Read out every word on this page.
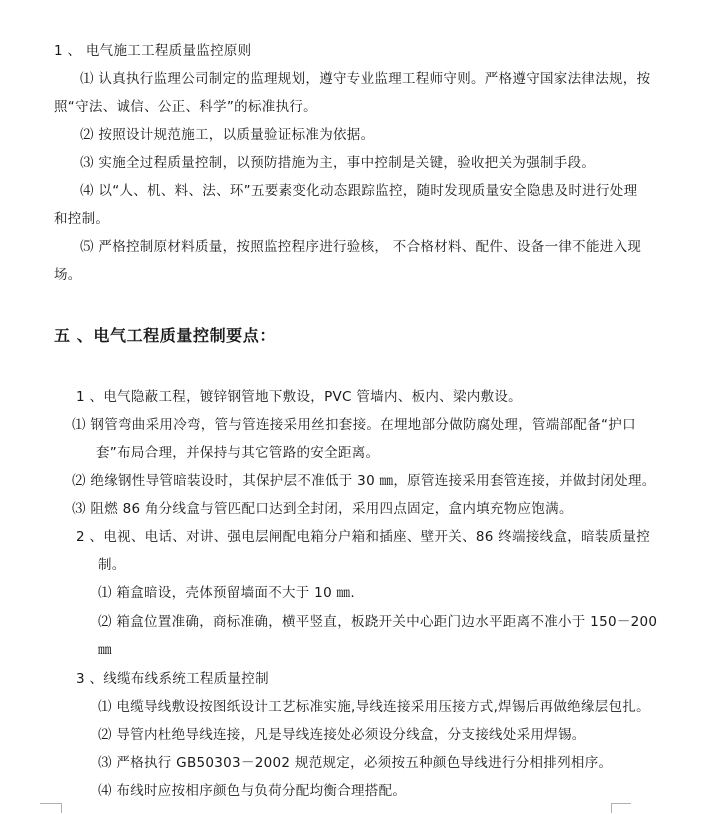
1 、 电气施工工程质量监控原则
⑴ 认真执行监理公司制定的监理规划，遵守专业监理工程师守则。严格遵守国家法律法规，按
照“守法、诚信、公正、科学”的标准执行。
⑵ 按照设计规范施工，以质量验证标准为依据。
⑶ 实施全过程质量控制，以预防措施为主，事中控制是关键，验收把关为强制手段。
⑷ 以“人、机、料、法、环”五要素变化动态跟踪监控，随时发现质量安全隐患及时进行处理
和控制。
⑸ 严格控制原材料质量，按照监控程序进行验核， 不合格材料、配件、设备一律不能进入现
场。
五 、电气工程质量控制要点：
1 、电气隐蔽工程，镀锌钢管地下敷设，PVC 管墙内、板内、梁内敷设。
⑴ 钢管弯曲采用冷弯，管与管连接采用丝扣套接。在埋地部分做防腐处理，管端部配备“护口
套”布局合理，并保持与其它管路的安全距离。
⑵ 绝缘钢性导管暗装设时，其保护层不准低于 30 ㎜，原管连接采用套管连接，并做封闭处理。
⑶ 阻燃 86 角分线盒与管匹配口达到全封闭，采用四点固定，盒内填充物应饱满。
2 、电视、电话、对讲、强电层闸配电箱分户箱和插座、壁开关、86 终端接线盒，暗装质量控
制。
⑴ 箱盒暗设，壳体预留墙面不大于 10 ㎜.
⑵ 箱盒位置准确，商标准确，横平竖直，板跷开关中心距门边水平距离不准小于 150－200
㎜
3 、线缆布线系统工程质量控制
⑴ 电缆导线敷设按图纸设计工艺标准实施,导线连接采用压接方式,焊锡后再做绝缘层包扎。
⑵ 导管内杜绝导线连接，凡是导线连接处必须设分线盒，分支接线处采用焊锡。
⑶ 严格执行 GB50303－2002 规范规定，必须按五种颜色导线进行分相排列相序。
⑷ 布线时应按相序颜色与负荷分配均衡合理搭配。
